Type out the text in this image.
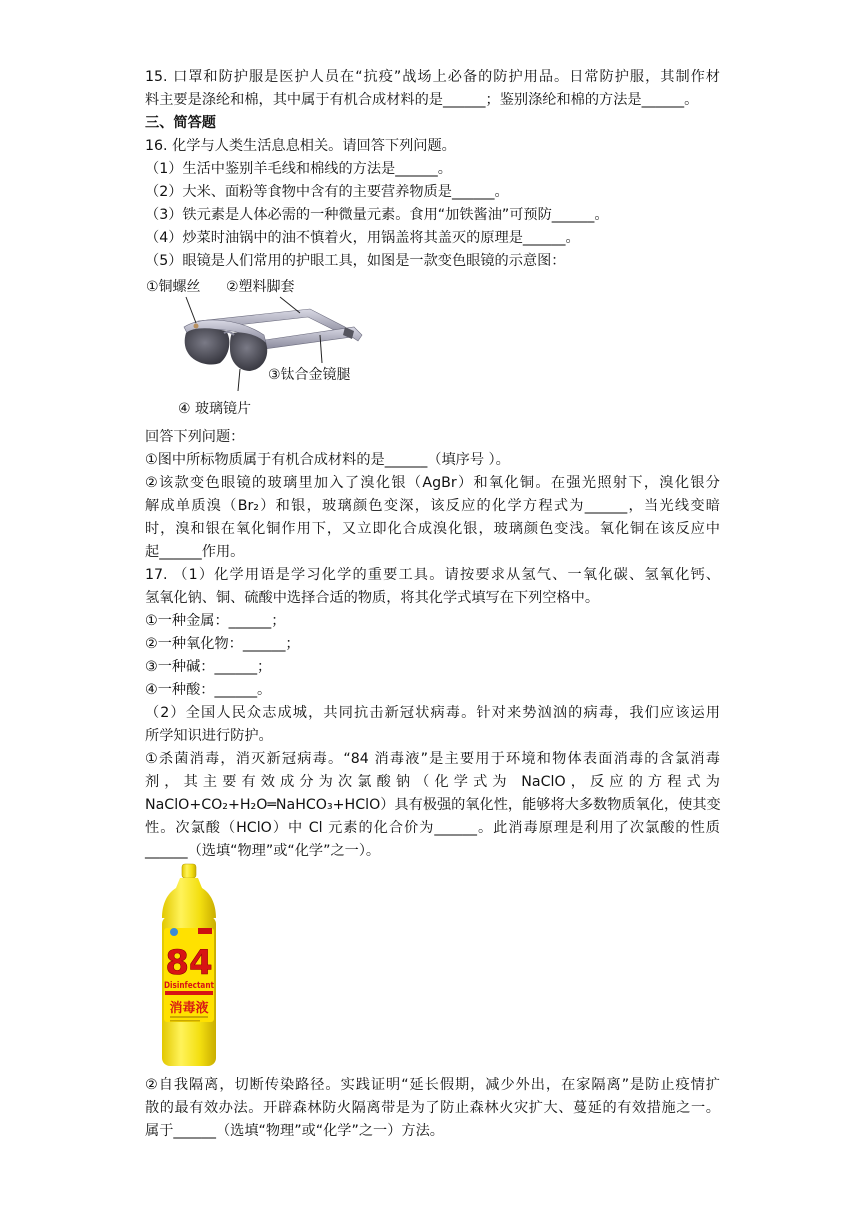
15. 口罩和防护服是医护人员在“抗疫”战场上必备的防护用品。日常防护服，其制作材
料主要是涤纶和棉，其中属于有机合成材料的是______；鉴别涤纶和棉的方法是______。
三、简答题
16. 化学与人类生活息息相关。请回答下列问题。
（1）生活中鉴别羊毛线和棉线的方法是______。
（2）大米、面粉等食物中含有的主要营养物质是______。
（3）铁元素是人体必需的一种微量元素。食用“加铁酱油”可预防______。
（4）炒菜时油锅中的油不慎着火，用锅盖将其盖灭的原理是______。
（5）眼镜是人们常用的护眼工具，如图是一款变色眼镜的示意图：
①铜螺丝 ②塑料脚套
③钛合金镜腿
④ 玻璃镜片
回答下列问题：
①图中所标物质属于有机合成材料的是______（填序号 ）。
②该款变色眼镜的玻璃里加入了溴化银（AgBr）和氧化铜。在强光照射下，溴化银分
解成单质溴（Br₂）和银，玻璃颜色变深，该反应的化学方程式为______，当光线变暗
时，溴和银在氧化铜作用下，又立即化合成溴化银，玻璃颜色变浅。氧化铜在该反应中
起______作用。
17. （1）化学用语是学习化学的重要工具。请按要求从氢气、一氧化碳、氢氧化钙、
氢氧化钠、铜、硫酸中选择合适的物质，将其化学式填写在下列空格中。
①一种金属：______；
②一种氧化物：______；
③一种碱：______；
④一种酸：______。
（2）全国人民众志成城，共同抗击新冠状病毒。针对来势汹汹的病毒，我们应该运用
所学知识进行防护。
①杀菌消毒，消灭新冠病毒。“84 消毒液”是主要用于环境和物体表面消毒的含氯消毒
剂，其主要有效成分为次氯酸钠（化学式为 NaClO，反应的方程式为
NaClO+CO₂+H₂O═NaHCO₃+HClO）具有极强的氧化性，能够将大多数物质氧化，使其变
性。次氯酸（HClO）中 Cl 元素的化合价为______。此消毒原理是利用了次氯酸的性质
______（选填“物理”或“化学”之一）。
84
Disinfectant
消毒液
②自我隔离，切断传染路径。实践证明“延长假期，减少外出，在家隔离”是防止疫情扩
散的最有效办法。开辟森林防火隔离带是为了防止森林火灾扩大、蔓延的有效措施之一。
属于______（选填“物理”或“化学”之一）方法。
